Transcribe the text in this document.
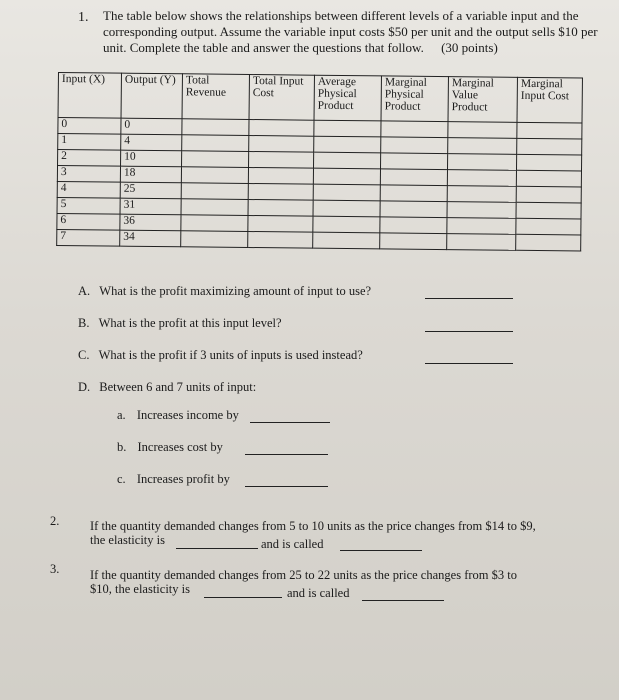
1. The table below shows the relationships between different levels of a variable input and the corresponding output. Assume the variable input costs $50 per unit and the output sells $10 per unit. Complete the table and answer the questions that follow. (30 points)
Input (X)	Output (Y)	Total Revenue	Total Input Cost	Average Physical Product	Marginal Physical Product	Marginal Value Product	Marginal Input Cost
0	0						
1	4						
2	10						
3	18						
4	25						
5	31						
6	36						
7	34						
A. What is the profit maximizing amount of input to use?
B. What is the profit at this input level?
C. What is the profit if 3 units of inputs is used instead?
D. Between 6 and 7 units of input:
a. Increases income by
b. Increases cost by
c. Increases profit by
2. If the quantity demanded changes from 5 to 10 units as the price changes from $14 to $9,
the elasticity is	and is called
3. If the quantity demanded changes from 25 to 22 units as the price changes from $3 to
$10, the elasticity is	and is called
